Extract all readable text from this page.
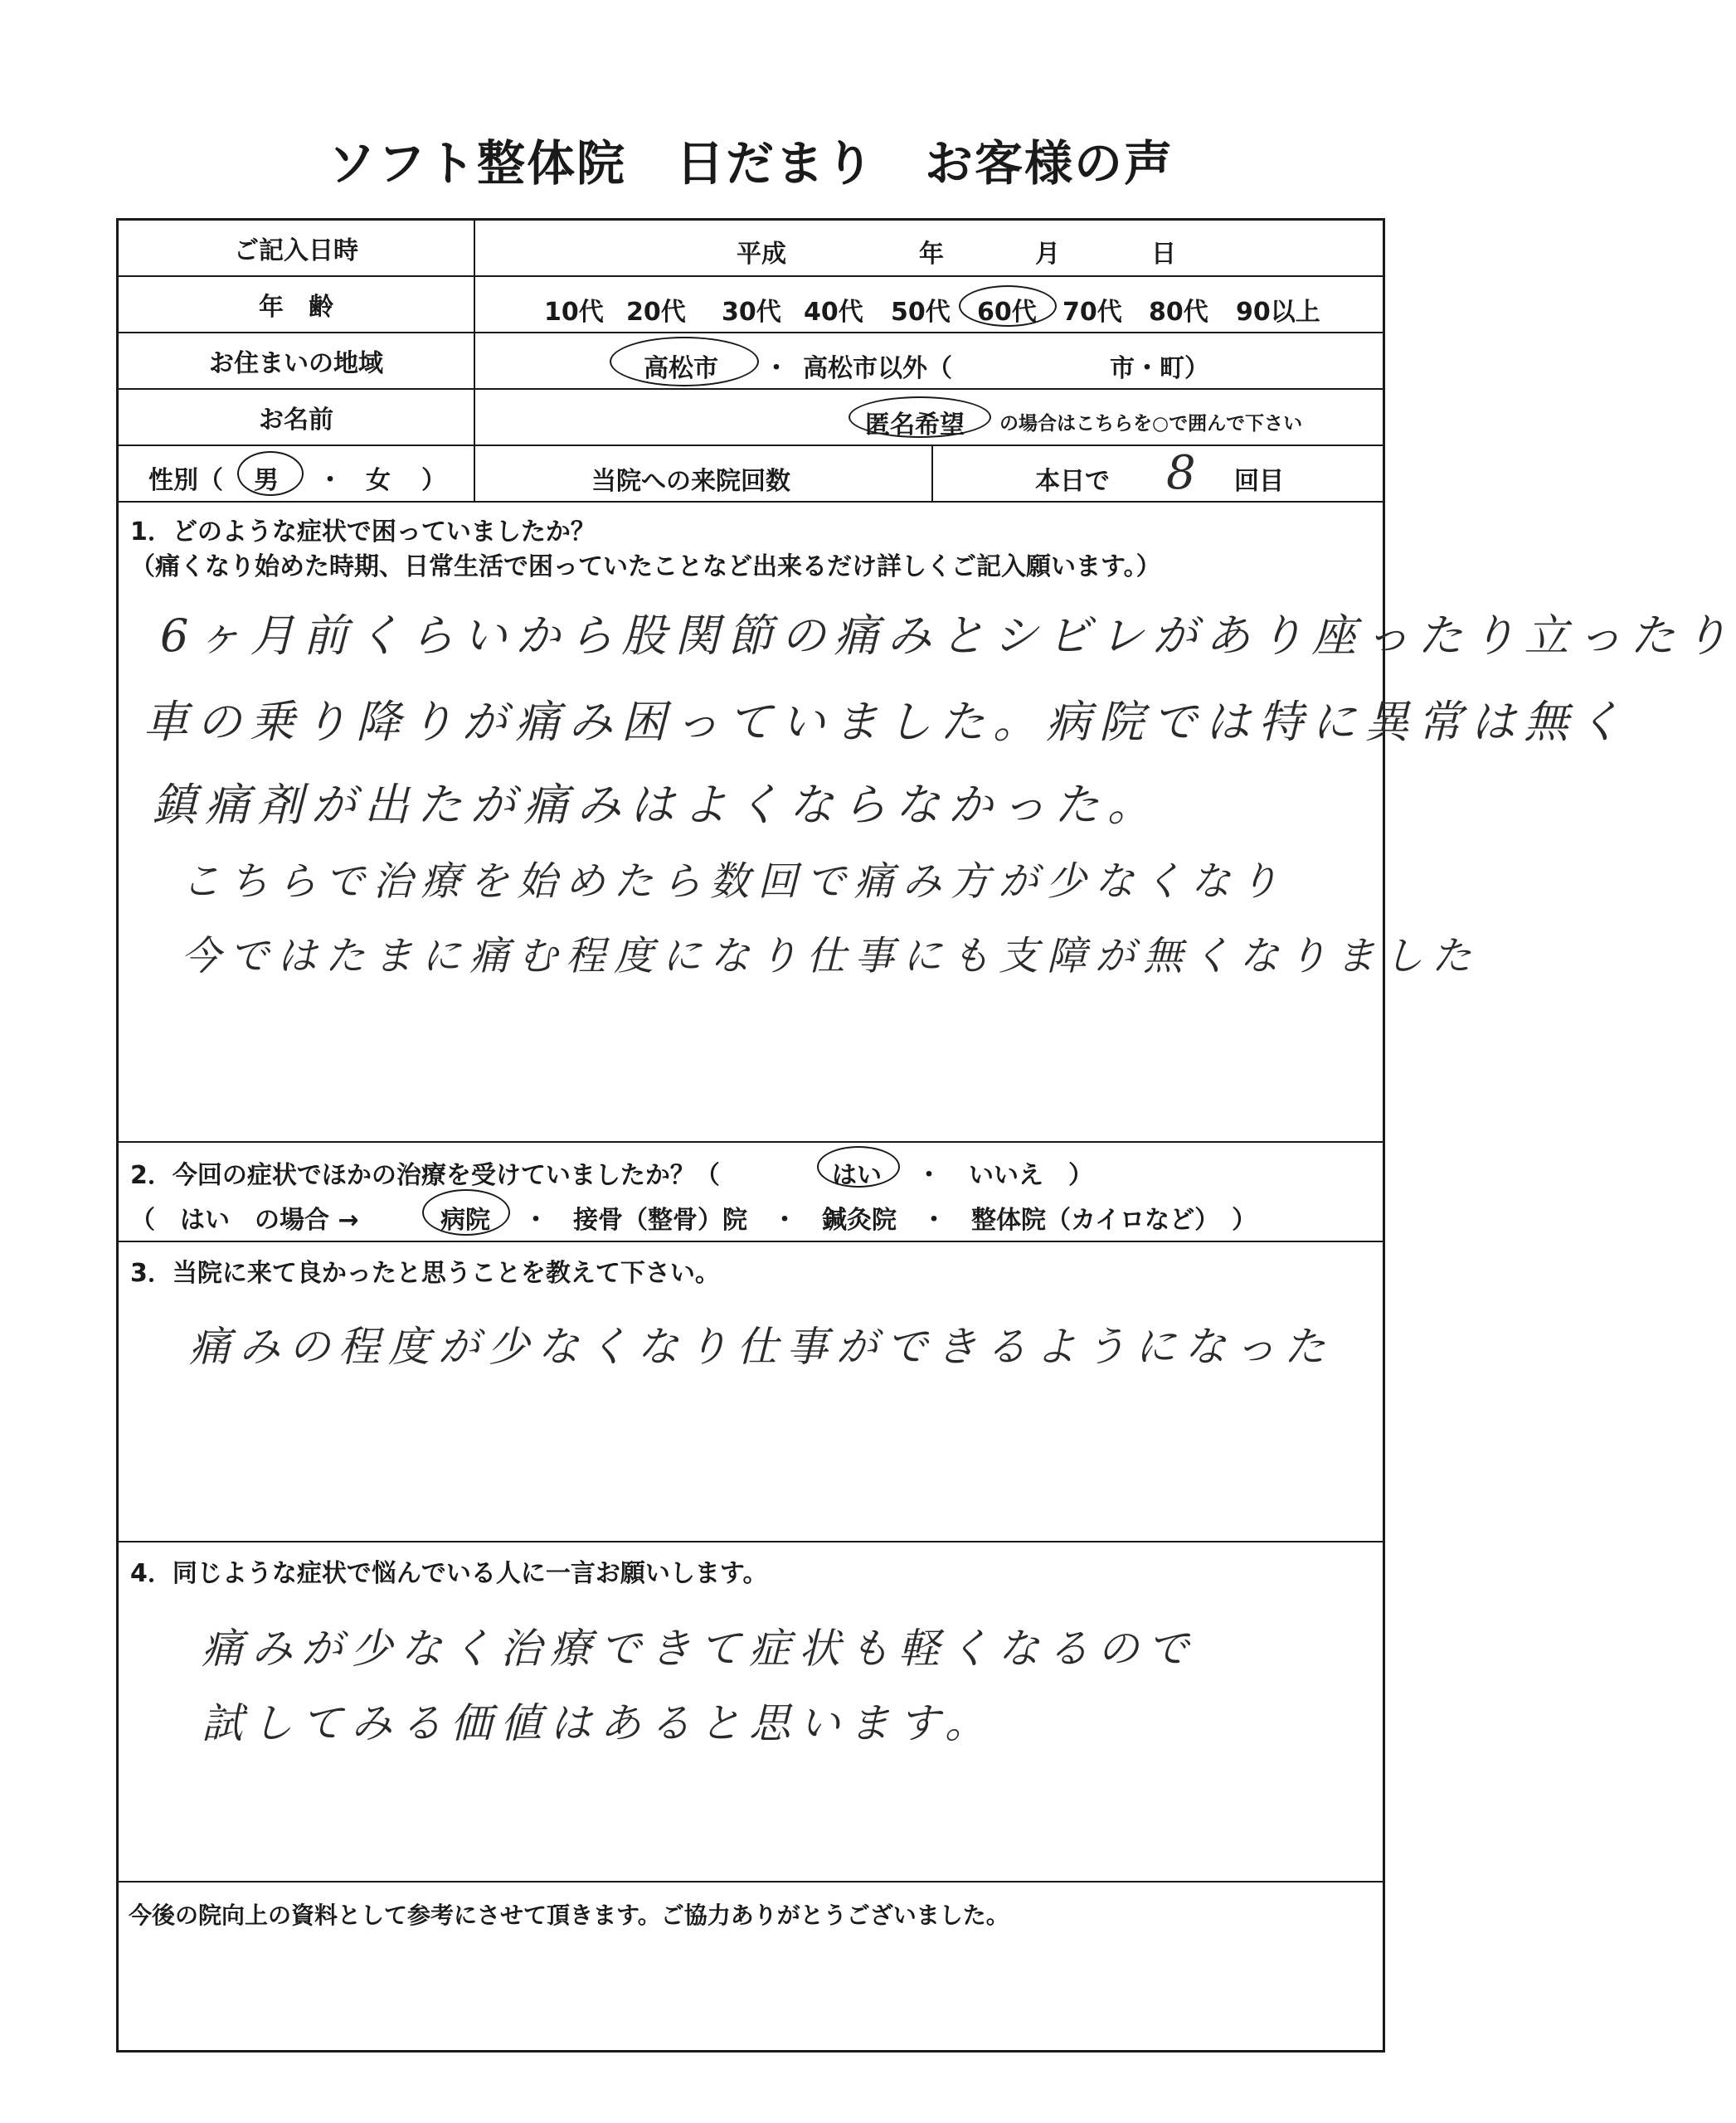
ソフト整体院　日だまり　お客様の声
ご記入日時	平成	年	月	日
年　齢	10代 20代 30代 40代 50代 60代 70代 80代 90以上
お住まいの地域	高松市 ・ 高松市以外（	市・町）
お名前	匿名希望 の場合はこちらを○で囲んで下さい
性別（ 男 ・ 女 ）	当院への来院回数	本日で 8 回目
1．どのような症状で困っていましたか？
（痛くなり始めた時期、日常生活で困っていたことなど出来るだけ詳しくご記入願います。）
6ヶ月前くらいから股関節の痛みとシビレがあり座ったり立ったり
車の乗り降りが痛み困っていました。病院では特に異常は無く
鎮痛剤が出たが痛みはよくならなかった。
こちらで治療を始めたら数回で痛み方が少なくなり
今ではたまに痛む程度になり仕事にも支障が無くなりました
2．今回の症状でほかの治療を受けていましたか？（	はい ・ いいえ ）
（　はい　の場合 →	病院 ・　接骨（整骨）院　・　鍼灸院　・　整体院（カイロなど）　）
3．当院に来て良かったと思うことを教えて下さい。
痛みの程度が少なくなり仕事ができるようになった
4．同じような症状で悩んでいる人に一言お願いします。
痛みが少なく治療できて症状も軽くなるので
試してみる価値はあると思います。
今後の院向上の資料として参考にさせて頂きます。ご協力ありがとうございました。
